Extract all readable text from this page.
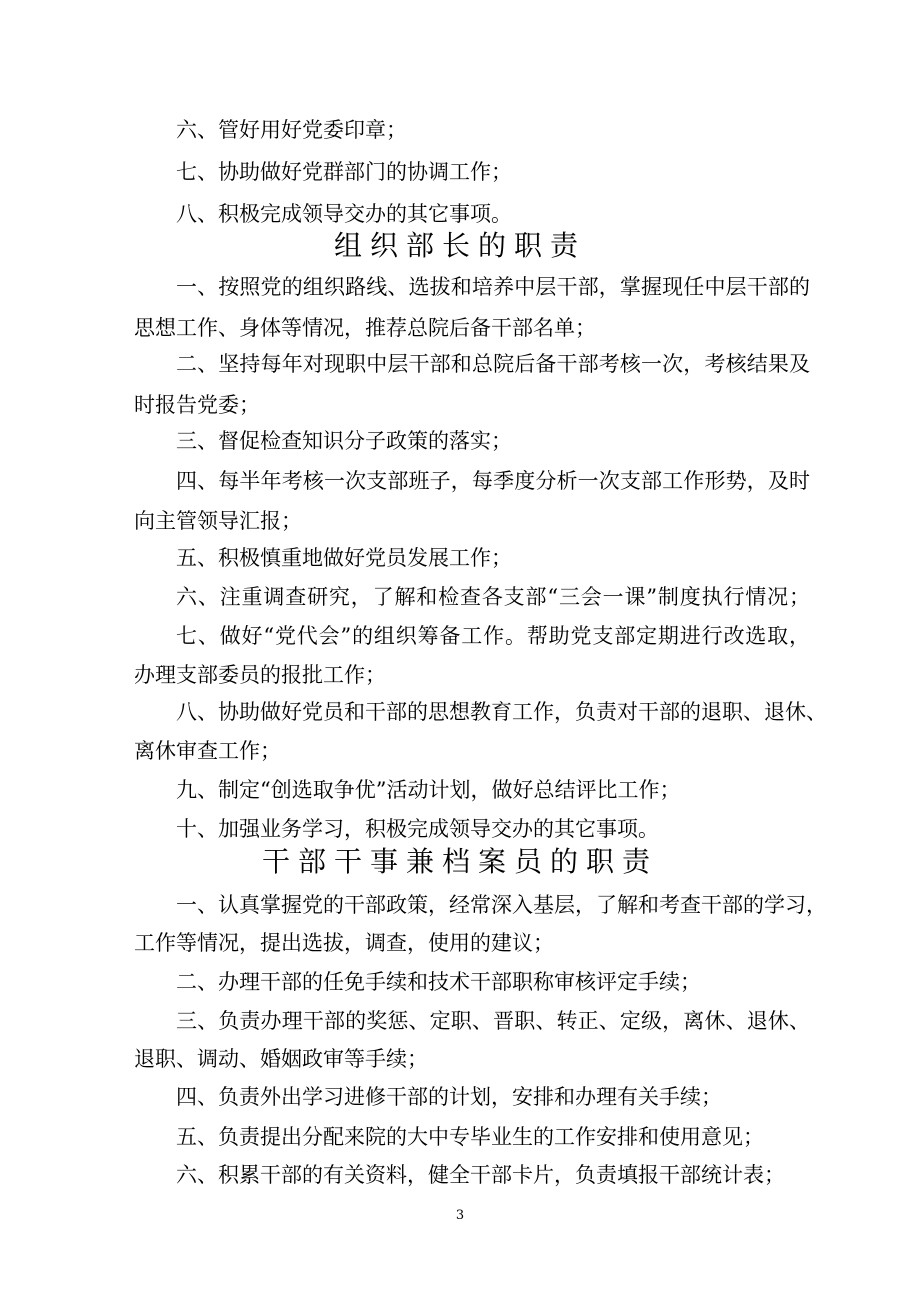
六、管好用好党委印章；
七、协助做好党群部门的协调工作；
八、积极完成领导交办的其它事项。
组织部长的职责
一、按照党的组织路线、选拔和培养中层干部，掌握现任中层干部的
思想工作、身体等情况，推荐总院后备干部名单；
二、坚持每年对现职中层干部和总院后备干部考核一次，考核结果及
时报告党委；
三、督促检查知识分子政策的落实；
四、每半年考核一次支部班子，每季度分析一次支部工作形势，及时
向主管领导汇报；
五、积极慎重地做好党员发展工作；
六、注重调查研究，了解和检查各支部“三会一课”制度执行情况；
七、做好“党代会”的组织筹备工作。帮助党支部定期进行改选取，
办理支部委员的报批工作；
八、协助做好党员和干部的思想教育工作，负责对干部的退职、退休、
离休审查工作；
九、制定“创选取争优”活动计划，做好总结评比工作；
十、加强业务学习，积极完成领导交办的其它事项。
干部干事兼档案员的职责
一、认真掌握党的干部政策，经常深入基层，了解和考查干部的学习，
工作等情况，提出选拔，调查，使用的建议；
二、办理干部的任免手续和技术干部职称审核评定手续；
三、负责办理干部的奖惩、定职、晋职、转正、定级，离休、退休、
退职、调动、婚姻政审等手续；
四、负责外出学习进修干部的计划，安排和办理有关手续；
五、负责提出分配来院的大中专毕业生的工作安排和使用意见；
六、积累干部的有关资料，健全干部卡片，负责填报干部统计表；
3
